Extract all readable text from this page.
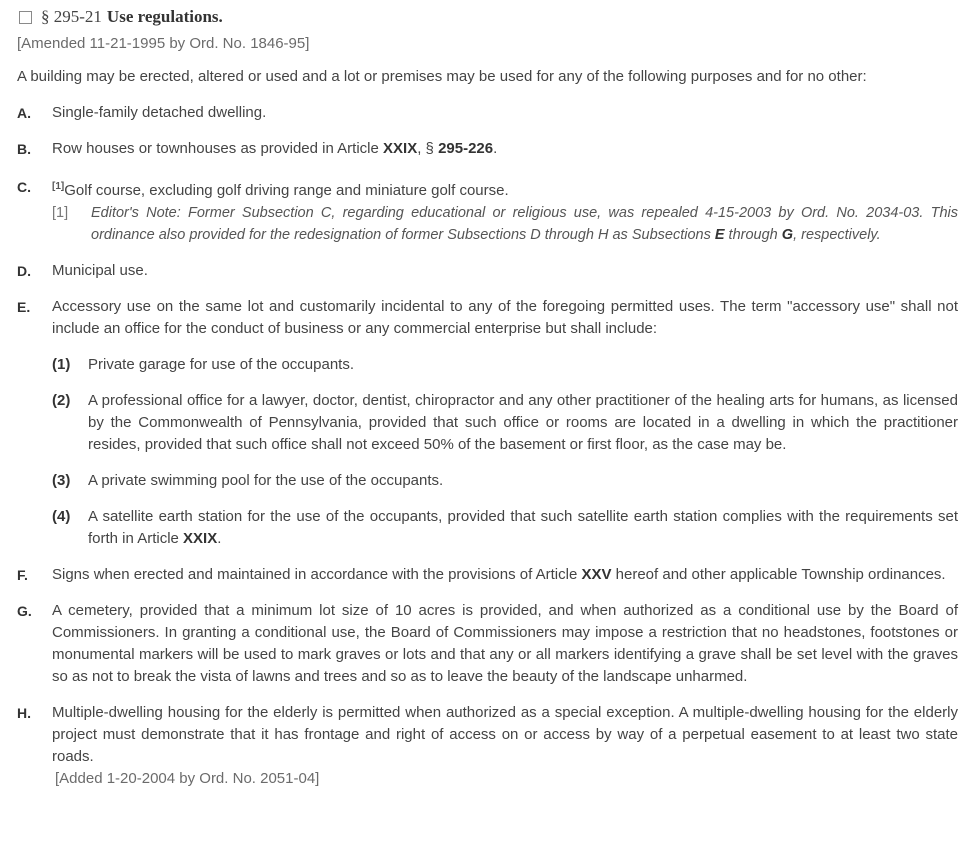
§ 295-21 Use regulations.
[Amended 11-21-1995 by Ord. No. 1846-95]
A building may be erected, altered or used and a lot or premises may be used for any of the following purposes and for no other:
A.	Single-family detached dwelling.
B.	Row houses or townhouses as provided in Article XXIX, § 295-226.
C.	[1]Golf course, excluding golf driving range and miniature golf course.
[1]	Editor's Note: Former Subsection C, regarding educational or religious use, was repealed 4-15-2003 by Ord. No. 2034-03. This ordinance also provided for the redesignation of former Subsections D through H as Subsections E through G, respectively.
D.	Municipal use.
E.	Accessory use on the same lot and customarily incidental to any of the foregoing permitted uses. The term "accessory use" shall not include an office for the conduct of business or any commercial enterprise but shall include:
(1)	Private garage for use of the occupants.
(2)	A professional office for a lawyer, doctor, dentist, chiropractor and any other practitioner of the healing arts for humans, as licensed by the Commonwealth of Pennsylvania, provided that such office or rooms are located in a dwelling in which the practitioner resides, provided that such office shall not exceed 50% of the basement or first floor, as the case may be.
(3)	A private swimming pool for the use of the occupants.
(4)	A satellite earth station for the use of the occupants, provided that such satellite earth station complies with the requirements set forth in Article XXIX.
F.	Signs when erected and maintained in accordance with the provisions of Article XXV hereof and other applicable Township ordinances.
G.	A cemetery, provided that a minimum lot size of 10 acres is provided, and when authorized as a conditional use by the Board of Commissioners. In granting a conditional use, the Board of Commissioners may impose a restriction that no headstones, footstones or monumental markers will be used to mark graves or lots and that any or all markers identifying a grave shall be set level with the graves so as not to break the vista of lawns and trees and so as to leave the beauty of the landscape unharmed.
H.	Multiple-dwelling housing for the elderly is permitted when authorized as a special exception. A multiple-dwelling housing for the elderly project must demonstrate that it has frontage and right of access on or access by way of a perpetual easement to at least two state roads.
[Added 1-20-2004 by Ord. No. 2051-04]
